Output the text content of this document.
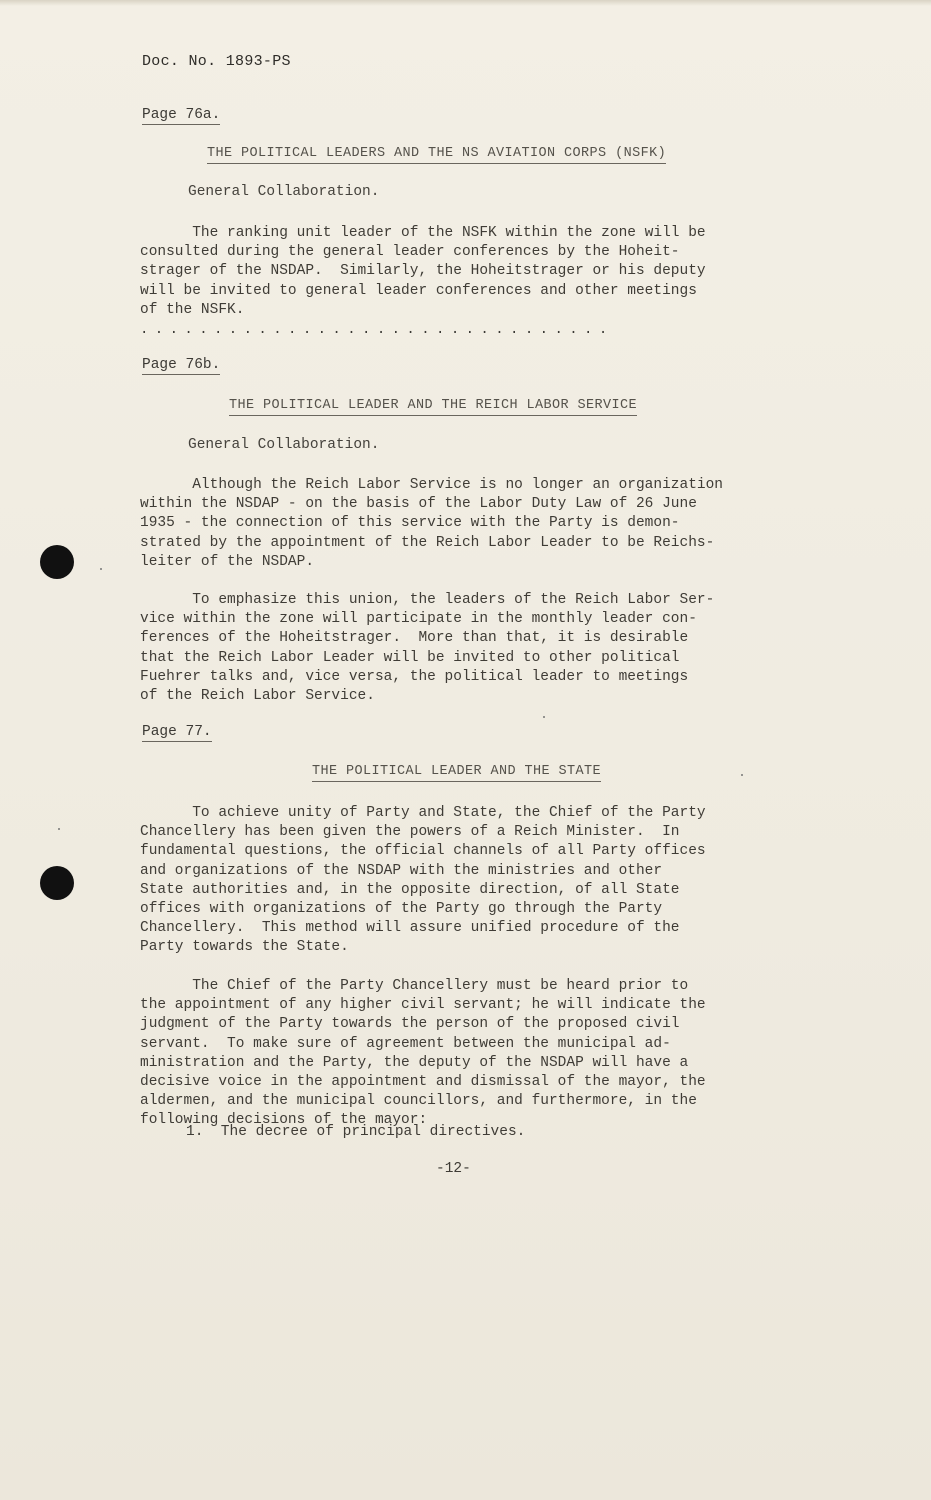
Doc. No. 1893-PS
Page 76a.
THE POLITICAL LEADERS AND THE NS AVIATION CORPS (NSFK)
General Collaboration.
The ranking unit leader of the NSFK within the zone will be
consulted during the general leader conferences by the Hoheit-
strager of the NSDAP.  Similarly, the Hoheitstrager or his deputy
will be invited to general leader conferences and other meetings
of the NSFK.
................................
Page 76b.
THE POLITICAL LEADER AND THE REICH LABOR SERVICE
General Collaboration.
Although the Reich Labor Service is no longer an organization
within the NSDAP - on the basis of the Labor Duty Law of 26 June
1935 - the connection of this service with the Party is demon-
strated by the appointment of the Reich Labor Leader to be Reichs-
leiter of the NSDAP.
To emphasize this union, the leaders of the Reich Labor Ser-
vice within the zone will participate in the monthly leader con-
ferences of the Hoheitstrager.  More than that, it is desirable
that the Reich Labor Leader will be invited to other political
Fuehrer talks and, vice versa, the political leader to meetings
of the Reich Labor Service.
Page 77.
THE POLITICAL LEADER AND THE STATE
To achieve unity of Party and State, the Chief of the Party
Chancellery has been given the powers of a Reich Minister.  In
fundamental questions, the official channels of all Party offices
and organizations of the NSDAP with the ministries and other
State authorities and, in the opposite direction, of all State
offices with organizations of the Party go through the Party
Chancellery.  This method will assure unified procedure of the
Party towards the State.
The Chief of the Party Chancellery must be heard prior to
the appointment of any higher civil servant; he will indicate the
judgment of the Party towards the person of the proposed civil
servant.  To make sure of agreement between the municipal ad-
ministration and the Party, the deputy of the NSDAP will have a
decisive voice in the appointment and dismissal of the mayor, the
aldermen, and the municipal councillors, and furthermore, in the
following decisions of the mayor:
1.  The decree of principal directives.
-12-
